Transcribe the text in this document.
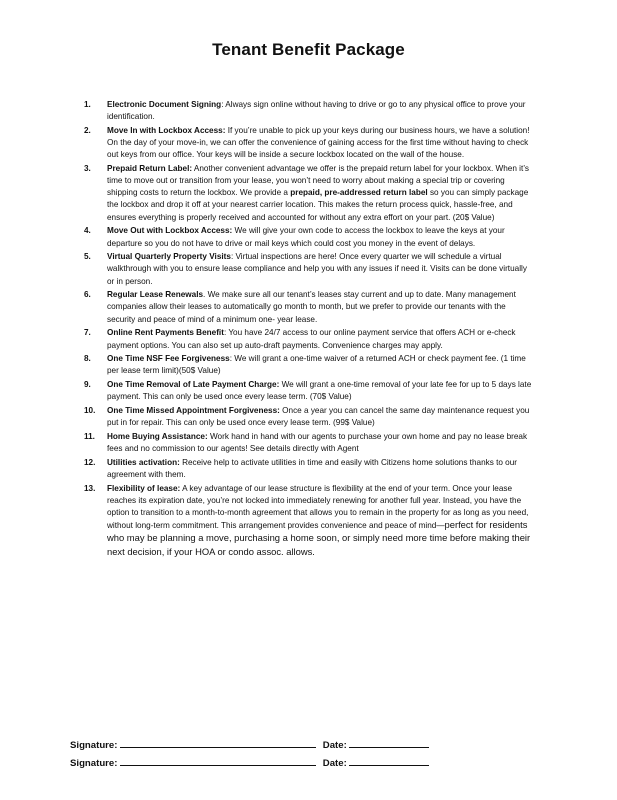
Tenant Benefit Package
1. Electronic Document Signing: Always sign online without having to drive or go to any physical office to prove your identification.
2. Move In with Lockbox Access: If you’re unable to pick up your keys during our business hours, we have a solution! On the day of your move-in, we can offer the convenience of gaining access for the first time without having to check out keys from our office. Your keys will be inside a secure lockbox located on the wall of the house.
3. Prepaid Return Label: Another convenient advantage we offer is the prepaid return label for your lockbox. When it’s time to move out or transition from your lease, you won’t need to worry about making a special trip or covering shipping costs to return the lockbox. We provide a prepaid, pre-addressed return label so you can simply package the lockbox and drop it off at your nearest carrier location. This makes the return process quick, hassle-free, and ensures everything is properly received and accounted for without any extra effort on your part. (20$ Value)
4. Move Out with Lockbox Access: We will give your own code to access the lockbox to leave the keys at your departure so you do not have to drive or mail keys which could cost you money in the event of delays.
5. Virtual Quarterly Property Visits: Virtual inspections are here! Once every quarter we will schedule a virtual walkthrough with you to ensure lease compliance and help you with any issues if need it. Visits can be done virtually or in person.
6. Regular Lease Renewals. We make sure all our tenant’s leases stay current and up to date. Many management companies allow their leases to automatically go month to month, but we prefer to provide our tenants with the security and peace of mind of a minimum one- year lease.
7. Online Rent Payments Benefit: You have 24/7 access to our online payment service that offers ACH or e-check payment options. You can also set up auto-draft payments. Convenience charges may apply.
8. One Time NSF Fee Forgiveness: We will grant a one-time waiver of a returned ACH or check payment fee. (1 time per lease term limit)(50$ Value)
9. One Time Removal of Late Payment Charge: We will grant a one-time removal of your late fee for up to 5 days late payment. This can only be used once every lease term. (70$ Value)
10. One Time Missed Appointment Forgiveness: Once a year you can cancel the same day maintenance request you put in for repair. This can only be used once every lease term. (99$ Value)
11. Home Buying Assistance: Work hand in hand with our agents to purchase your own home and pay no lease break fees and no commission to our agents! See details directly with Agent
12. Utilities activation: Receive help to activate utilities in time and easily with Citizens home solutions thanks to our agreement with them.
13. Flexibility of lease: A key advantage of our lease structure is flexibility at the end of your term. Once your lease reaches its expiration date, you’re not locked into immediately renewing for another full year. Instead, you have the option to transition to a month-to-month agreement that allows you to remain in the property for as long as you need, without long-term commitment. This arrangement provides convenience and peace of mind—perfect for residents who may be planning a move, purchasing a home soon, or simply need more time before making their next decision, if your HOA or condo assoc. allows.
Signature:	Date:
Signature:	Date:
